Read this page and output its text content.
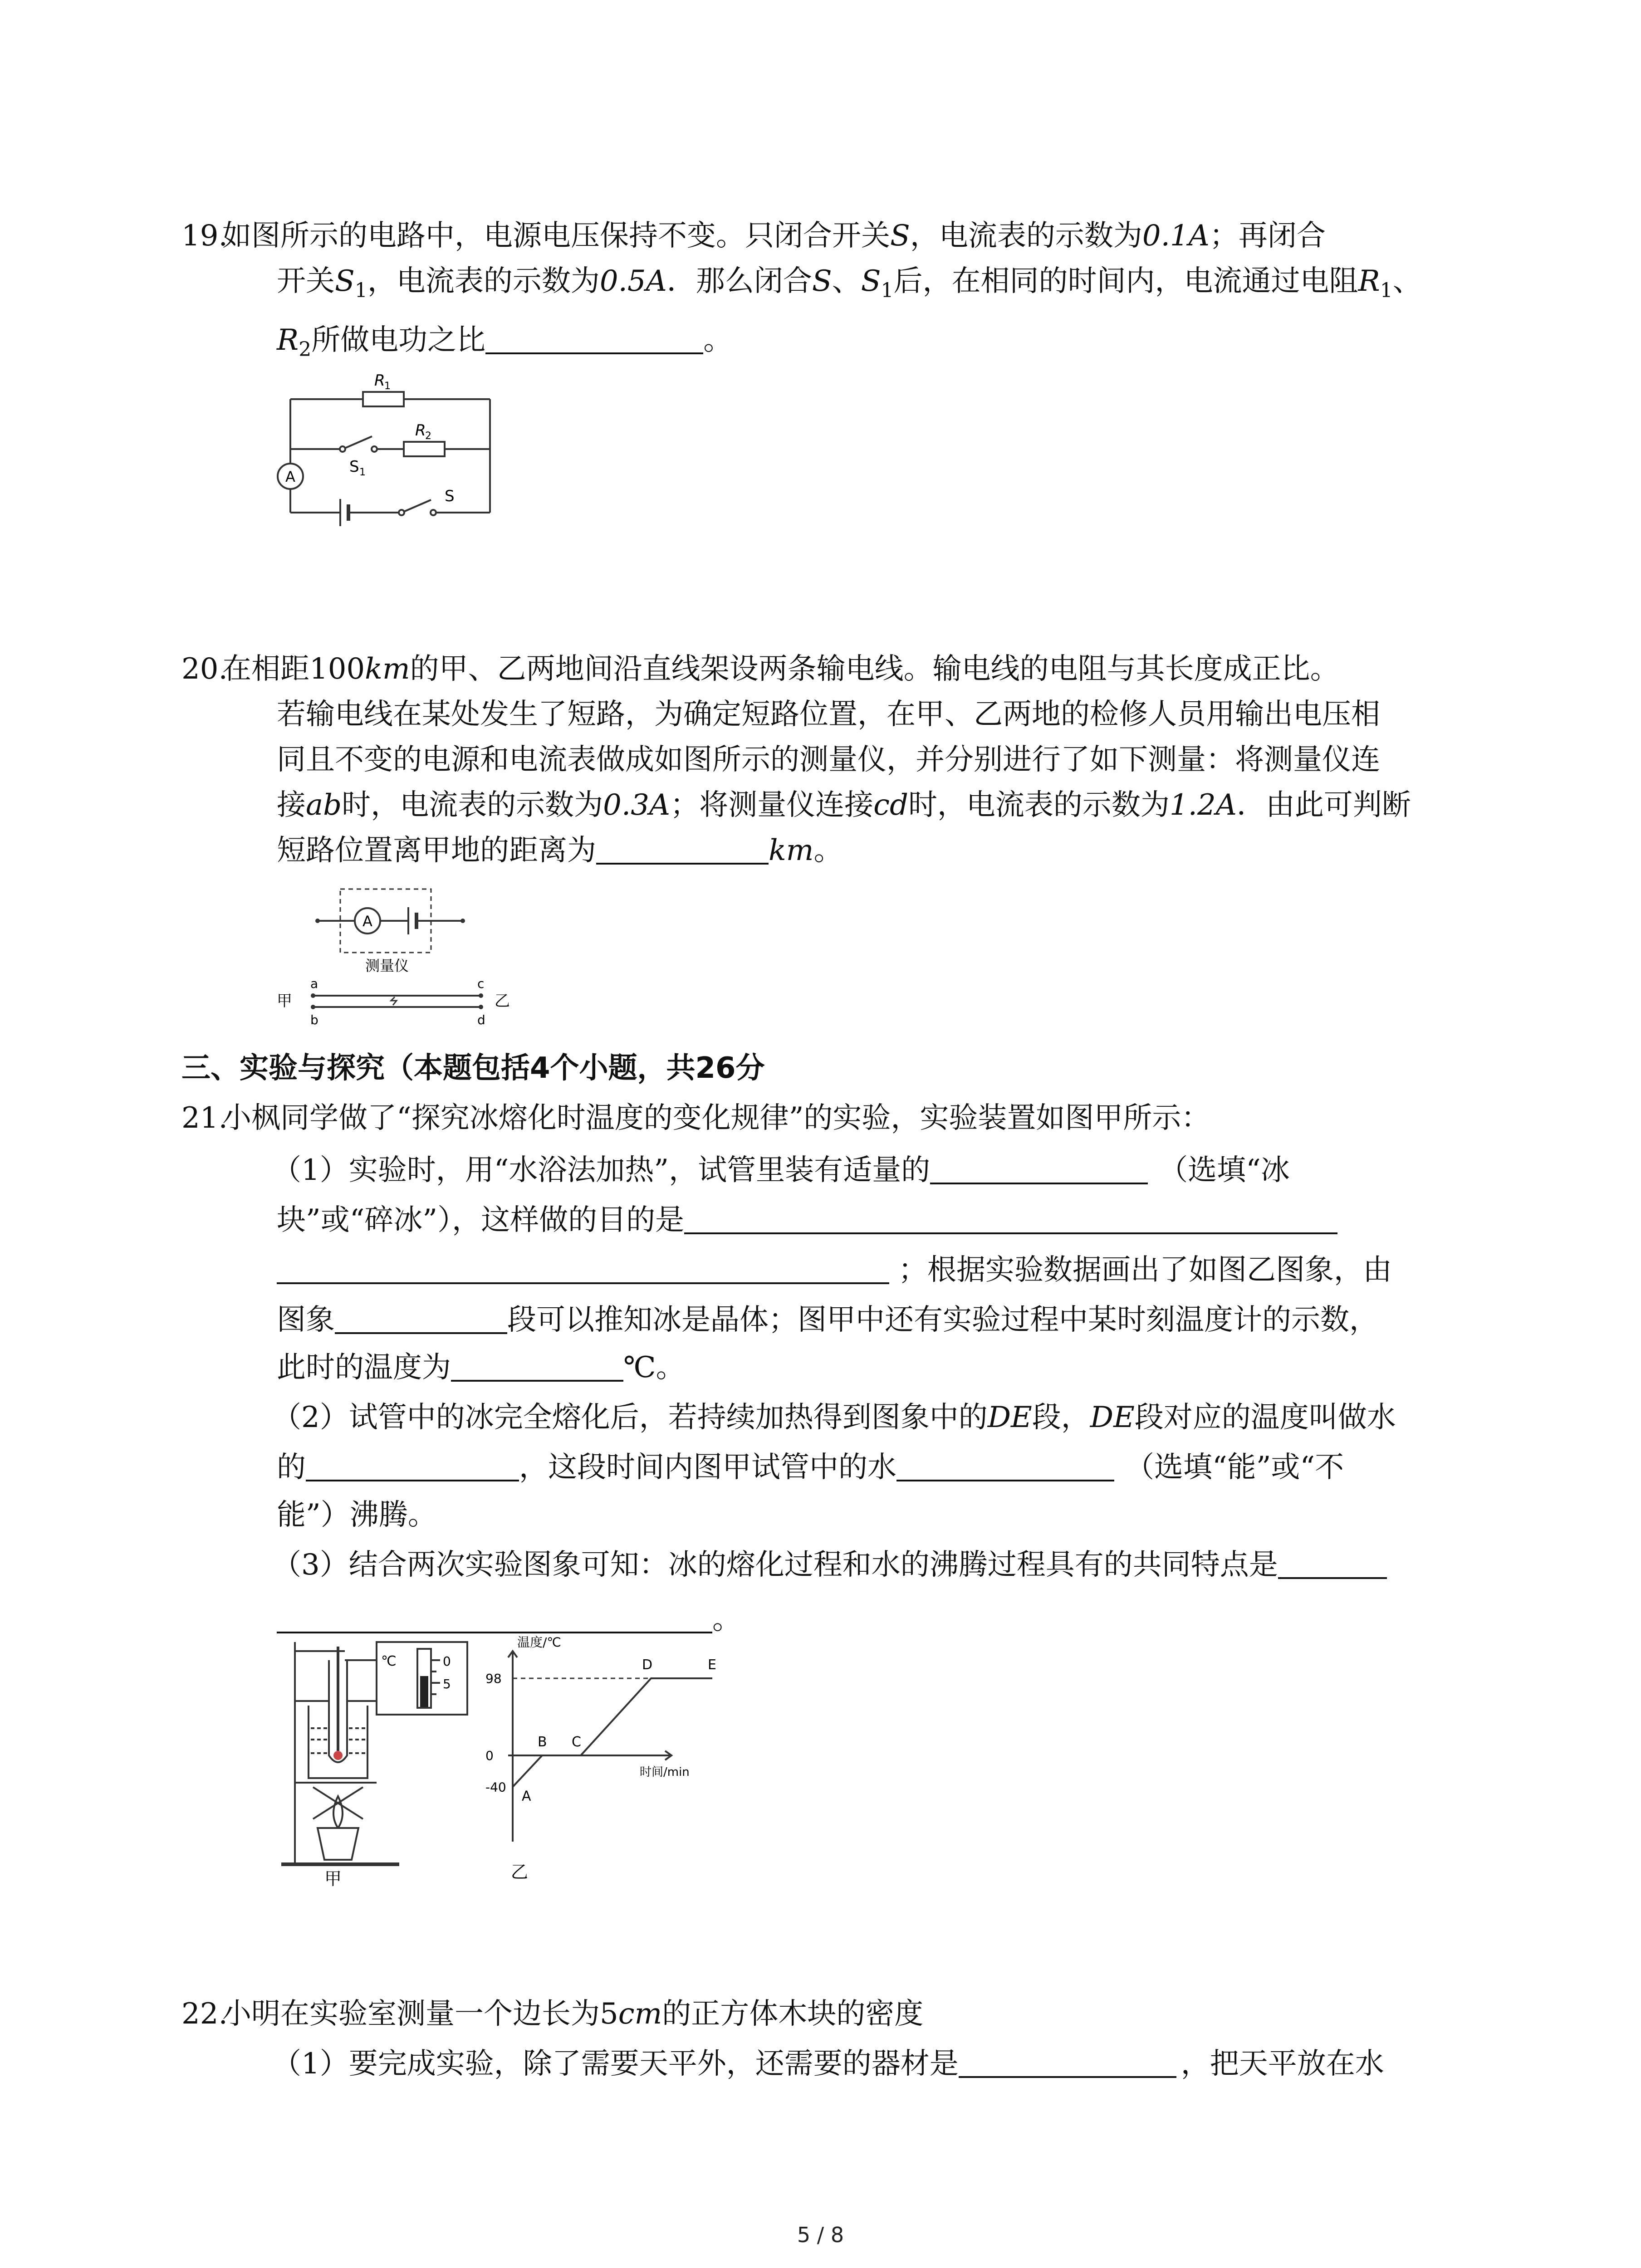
19.
如图所示的电路中，电源电压保持不变。只闭合开关S，电流表的示数为0.1A；再闭合
开关$S_1$，电流表的示数为0.5A．那么闭合S、$S_1$后，在相同的时间内，电流通过电阻$R_1$、
$R_2$所做电功之比	。
R
1
R
2
A
S 1
S
20.
在相距100km的甲、乙两地间沿直线架设两条输电线。输电线的电阻与其长度成正比。
若输电线在某处发生了短路，为确定短路位置，在甲、乙两地的检修人员用输出电压相
同且不变的电源和电流表做成如图所示的测量仪，并分别进行了如下测量：将测量仪连
接ab时，电流表的示数为0.3A；将测量仪连接cd时，电流表的示数为1.2A．由此可判断
短路位置离甲地的距离为	km。
A
测量仪
甲	乙
a
b
c
d
三、实验与探究（本题包括4个小题，共26分
21.
小枫同学做了“探究冰熔化时温度的变化规律”的实验，实验装置如图甲所示：
（1）实验时，用“水浴法加热”，试管里装有适量的	（选填“冰
块”或“碎冰”），这样做的目的是
；根据实验数据画出了如图乙图象，由
图象	段可以推知冰是晶体；图甲中还有实验过程中某时刻温度计的示数，
此时的温度为	℃。
（2）试管中的冰完全熔化后，若持续加热得到图象中的DE段，DE段对应的温度叫做水
的	，这段时间内图甲试管中的水	（选填“能”或“不
能”）沸腾。
（3）结合两次实验图象可知：冰的熔化过程和水的沸腾过程具有的共同特点是
。
℃	0
5
甲
A
B C
D	E
98
0
-40
温度/℃
时间/min
乙
22.
小明在实验室测量一个边长为5cm的正方体木块的密度
（1）要完成实验，除了需要天平外，还需要的器材是	，把天平放在水
5 / 8
